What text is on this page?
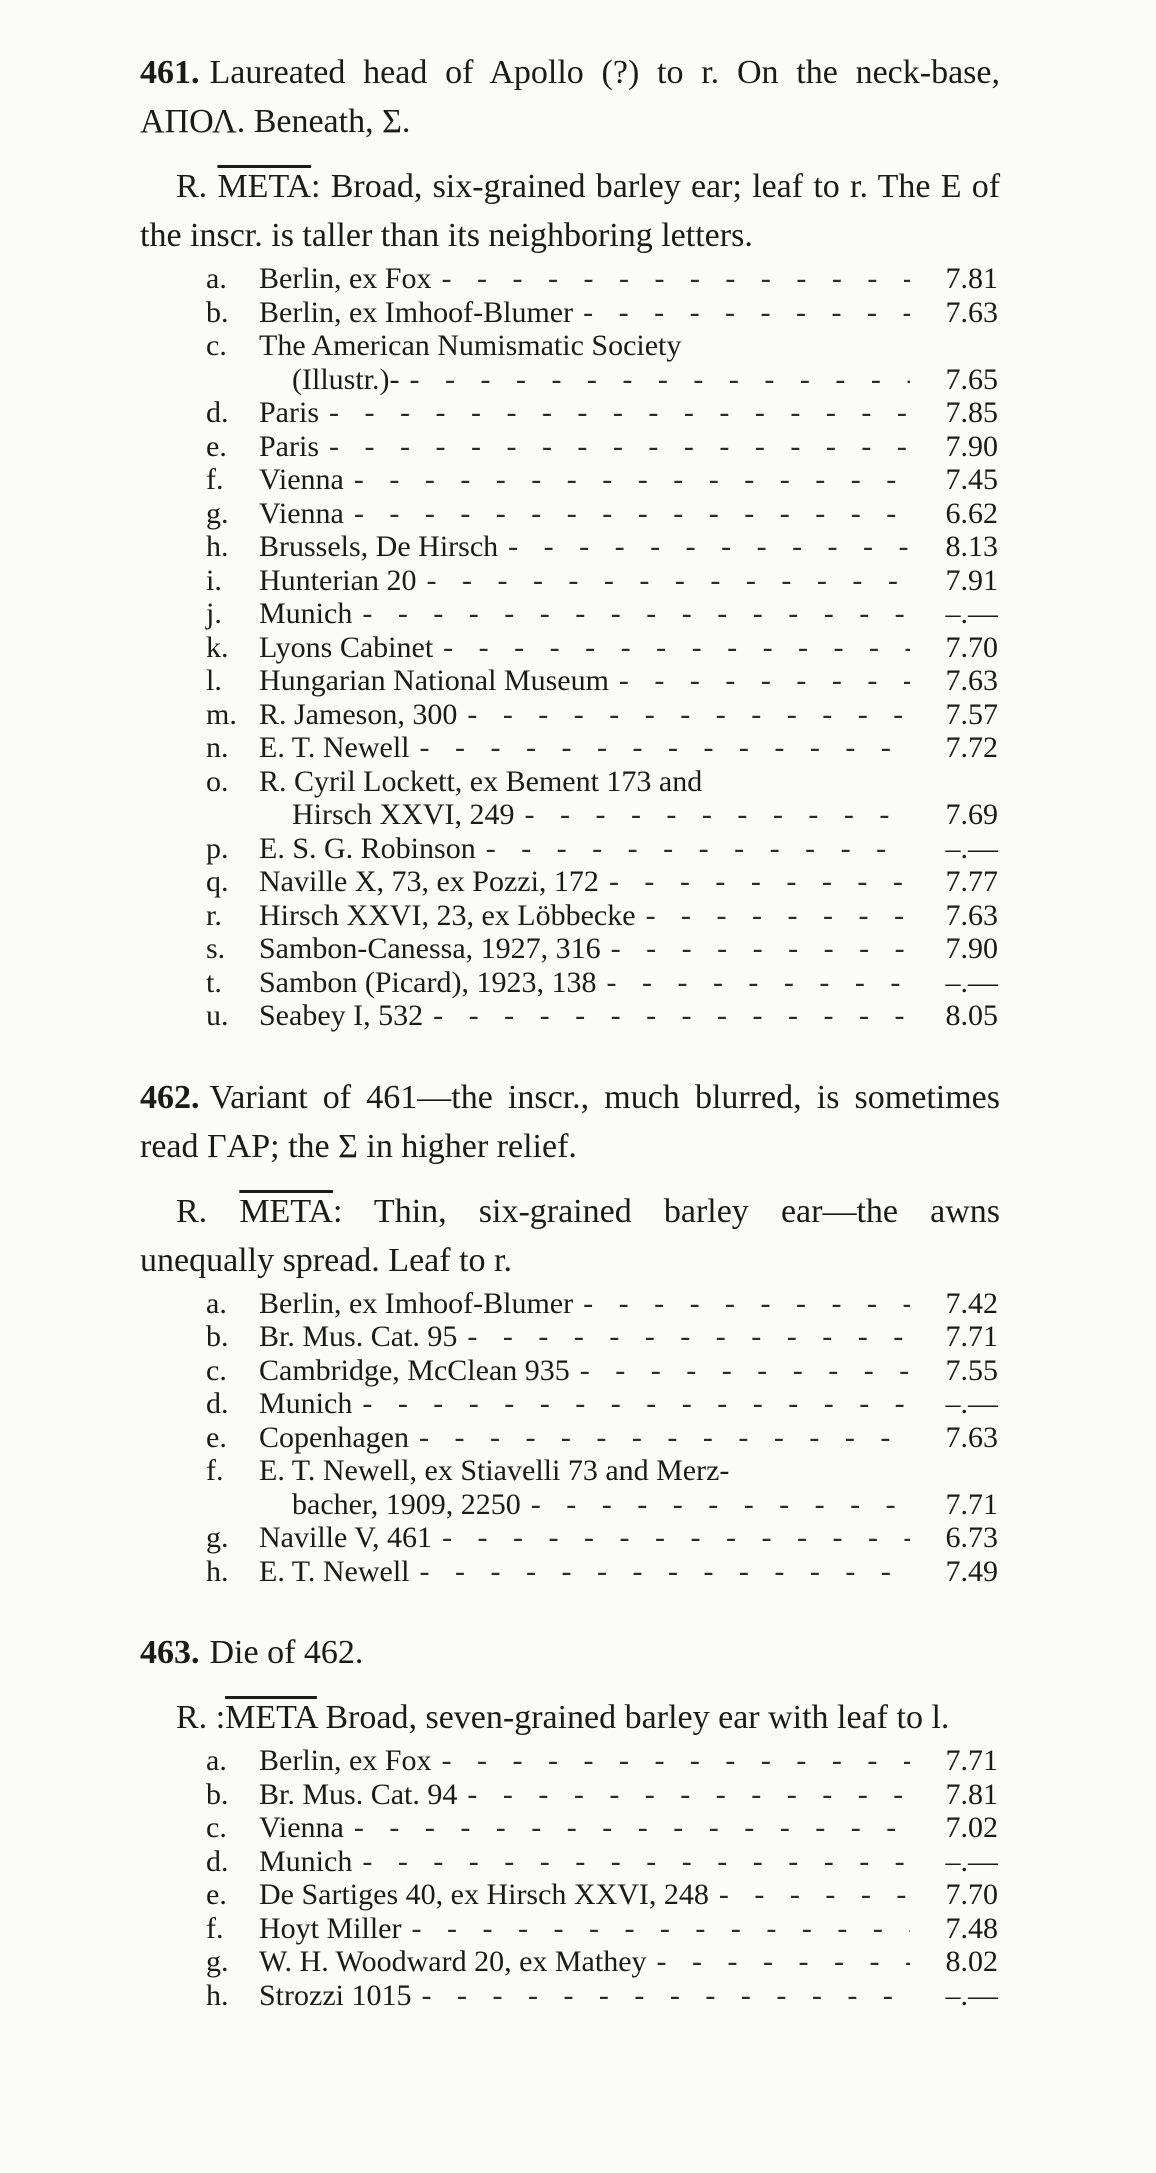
461. Laureated head of Apollo (?) to r. On the neck-base, ΑΠΟΛ. Beneath, Σ.

R. META: Broad, six-grained barley ear; leaf to r. The E of the inscr. is taller than its neighboring letters.

a.	Berlin, ex Fox - - -	7.81
b.	Berlin, ex Imhoof-Blumer - - -	7.63
c.	The American Numismatic Society
(Illustr.)- - - -	7.65
d.	Paris - - -	7.85
e.	Paris - - -	7.90
f.	Vienna - - -	7.45
g.	Vienna - - -	6.62
h.	Brussels, De Hirsch - - -	8.13
i.	Hunterian 20 - - -	7.91
j.	Munich - - -	–.—
k.	Lyons Cabinet - - -	7.70
l.	Hungarian National Museum - - -	7.63
m. R. Jameson, 300 - - -	7.57
n.	E. T. Newell - - -	7.72
o.	R. Cyril Lockett, ex Bement 173 and
Hirsch XXVI, 249 - - -	7.69
p.	E. S. G. Robinson - - -	–.—
q.	Naville X, 73, ex Pozzi, 172 - - -	7.77
r.	Hirsch XXVI, 23, ex Löbbecke - - -	7.63
s.	Sambon-Canessa, 1927, 316 - - -	7.90
t.	Sambon (Picard), 1923, 138 - - -	–.—
u.	Seabey I, 532 - - -	8.05

462. Variant of 461—the inscr., much blurred, is sometimes read ΓAP; the Σ in higher relief.

R. META: Thin, six-grained barley ear—the awns unequally spread. Leaf to r.

a.	Berlin, ex Imhoof-Blumer - - -	7.42
b.	Br. Mus. Cat. 95 - - -	7.71
c.	Cambridge, McClean 935 - - -	7.55
d.	Munich - - -	–.—
e.	Copenhagen - - -	7.63
f.	E. T. Newell, ex Stiavelli 73 and Merz-
bacher, 1909, 2250 - - -	7.71
g.	Naville V, 461 - - -	6.73
h.	E. T. Newell - - -	7.49

463. Die of 462.

R. :META Broad, seven-grained barley ear with leaf to l.

a.	Berlin, ex Fox - - -	7.71
b.	Br. Mus. Cat. 94 - - -	7.81
c.	Vienna - - -	7.02
d.	Munich - - -	–.—
e.	De Sartiges 40, ex Hirsch XXVI, 248 - - -	7.70
f.	Hoyt Miller - - -	7.48
g.	W. H. Woodward 20, ex Mathey - - -	8.02
h.	Strozzi 1015 - - -	–.—
